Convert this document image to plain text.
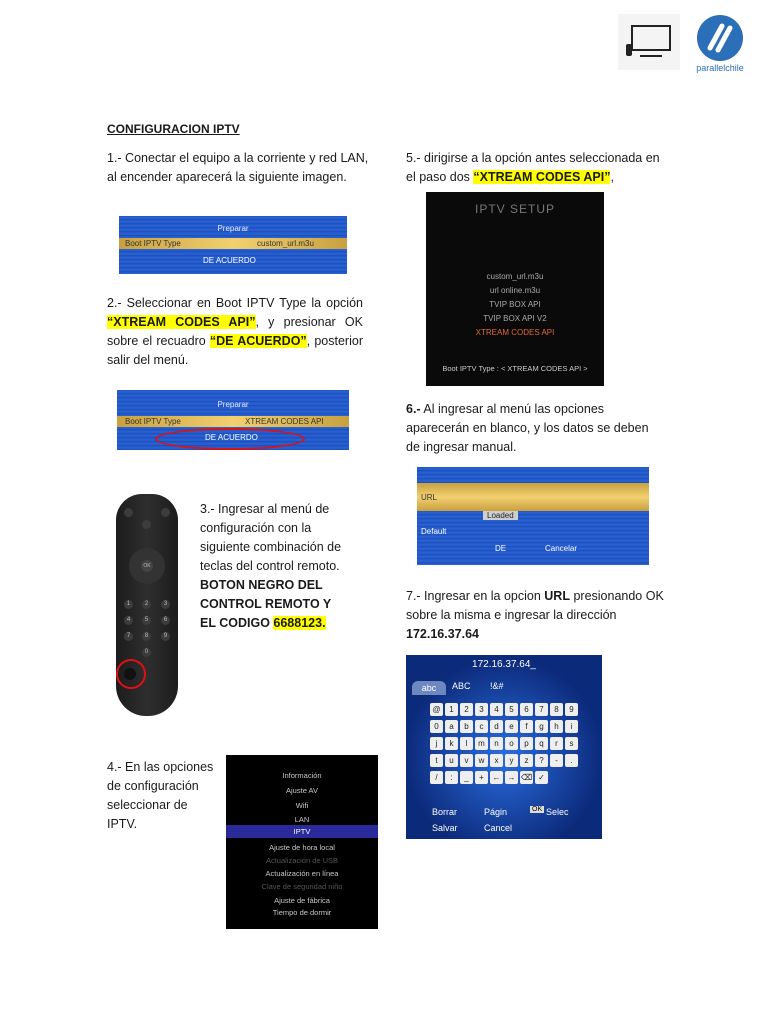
parallelchile
CONFIGURACION IPTV
1.- Conectar el equipo a la corriente y red LAN, al encender aparecerá la siguiente imagen.
Preparar
Boot IPTV Type	custom_url.m3u
DE ACUERDO
2.- Seleccionar en Boot IPTV Type la opción “XTREAM CODES API”, y presionar OK sobre el recuadro “DE ACUERDO”, posterior salir del menú.
Preparar
Boot IPTV Type	XTREAM CODES API
DE ACUERDO
OK
1	2	3
4	5	6
7	8	9
0
3.- Ingresar al menú de configuración con la siguiente combinación de teclas del control remoto. BOTON NEGRO DEL CONTROL REMOTO Y EL CODIGO 6688123.
4.- En las opciones de configuración seleccionar de IPTV.
Información
Ajuste AV
Wifi
LAN
IPTV
Ajuste de hora local
Actualización de USB
Actualización en línea
Clave de seguridad niño
Ajuste de fábrica
Tiempo de dormir
5.- dirigirse a la opción antes seleccionada en el paso dos “XTREAM CODES API”,
IPTV SETUP
custom_url.m3u
url online.m3u
TVIP BOX API
TVIP BOX API V2
XTREAM CODES API
Boot IPTV Type : < XTREAM CODES API >
6.- Al ingresar al menú las opciones aparecerán en blanco, y los datos se deben de ingresar manual.
URL
Loaded
Default
DE	Cancelar
7.- Ingresar en la opcion URL presionando OK sobre la misma e ingresar la dirección
172.16.37.64
172.16.37.64_
abc	ABC !&#
@	1	2	3	4	5	6	7	8	9
0	a	b	c	d	e	f	g	h	i
j	k	l	m	n	o	p	q	r	s
t	u	v	w	x	y	z	?	-	.
/	:	_	+	← → ⌫ ✓
Borrar	Págin	OK Selec
Salvar	Cancel
